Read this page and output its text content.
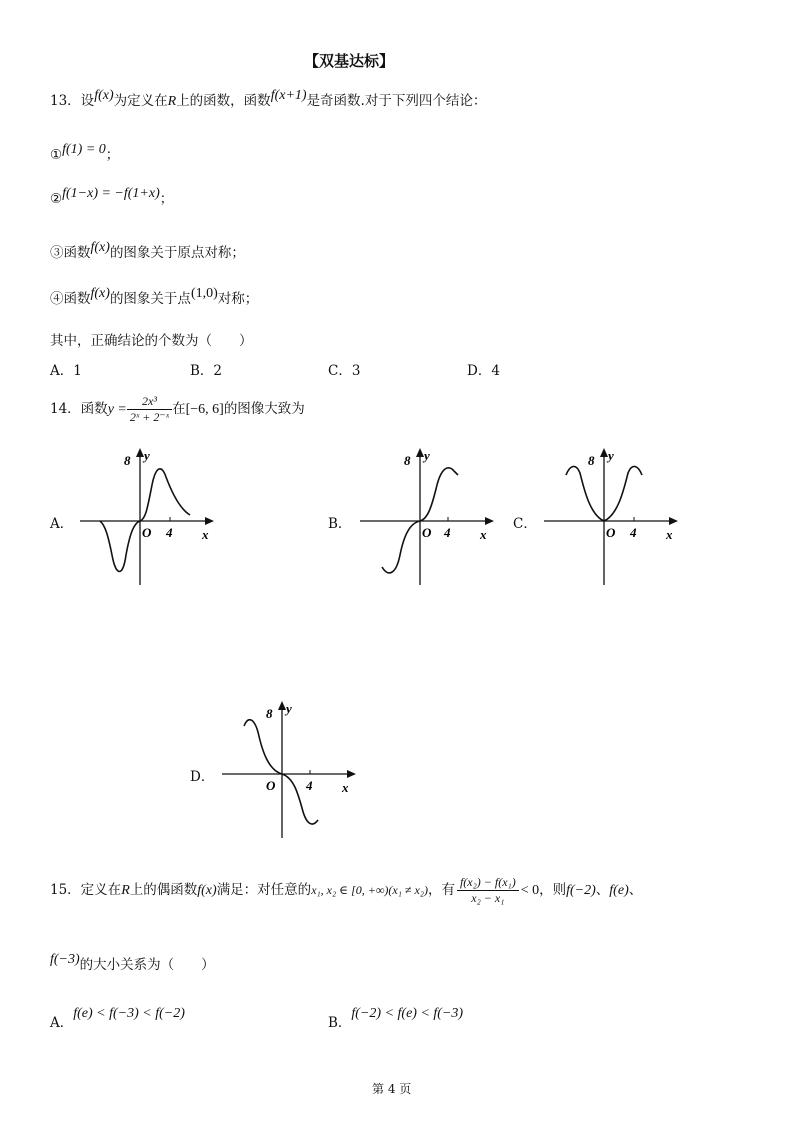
【双基达标】
13．设f(x)为定义在R上的函数，函数f(x+1)是奇函数.对于下列四个结论：
①f(1) = 0；
②f(1−x) = −f(1+x)；
③函数f(x)的图象关于原点对称；
④函数f(x)的图象关于点(1,0)对称；
其中，正确结论的个数为（　　）
A．1	B．2	C．3	D．4
14．函数$y = \frac{\text{2x³}}{\text{2ˣ + 2⁻ˣ}}$ 在[−6, 6]的图像大致为
A．	B．	C．
D．
8 y
O 4 x
8 y
O 4 x
8 y
O 4 x
8 y
O 4 x
15．定义在R上的偶函数f(x)满足：对任意的x₁, x₂ ∈ [0, +∞)(x₁ ≠ x₂)，有 $\frac{\text{f(x₂) − f(x₁)}}{\text{x₂ − x₁}} < 0$，则f(−2)、f(e)、
f(−3)的大小关系为（　　）
A．f(e) < f(−3) < f(−2)
B．f(−2) < f(e) < f(−3)
第 4 页
